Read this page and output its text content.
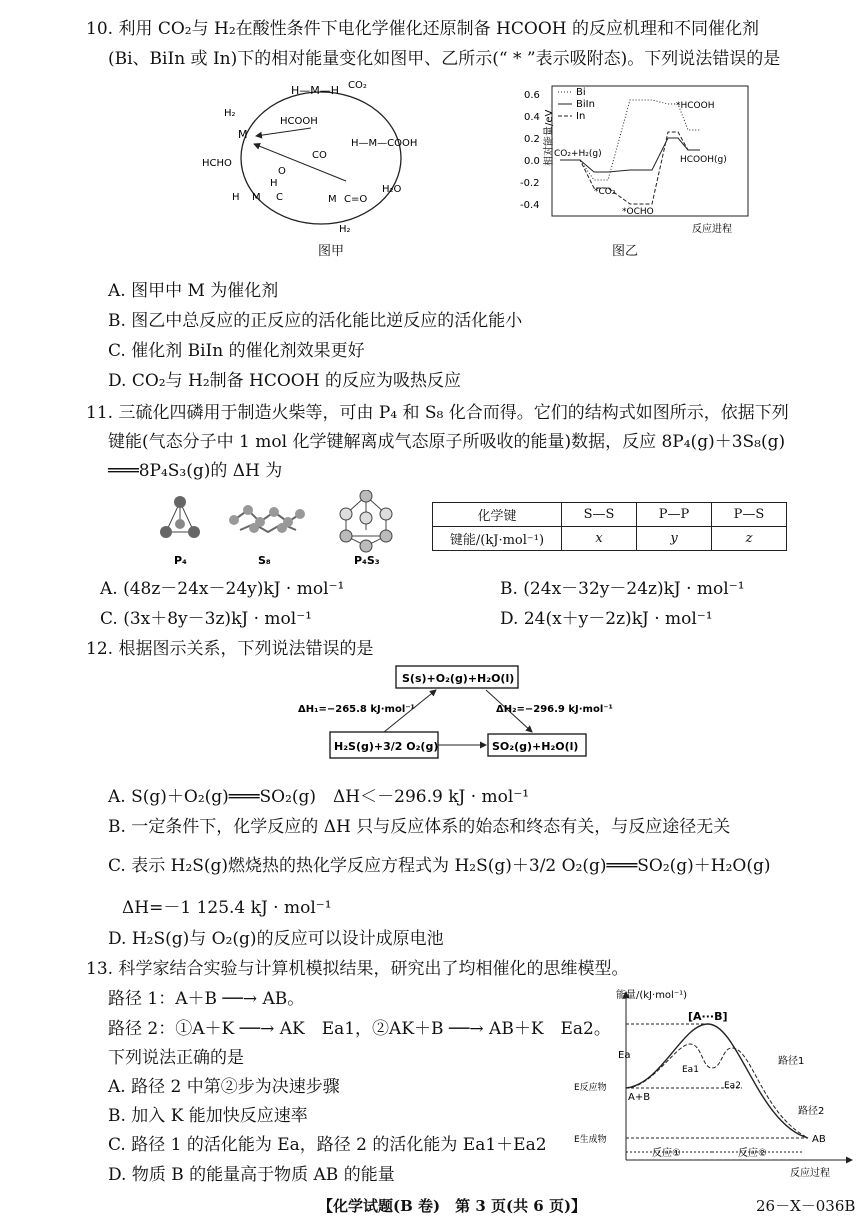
10. 利用 CO₂与 H₂在酸性条件下电化学催化还原制备 HCOOH 的反应机理和不同催化剂
(Bi、BiIn 或 In)下的相对能量变化如图甲、乙所示(“ * ”表示吸附态)。下列说法错误的是
H—M—H CO₂
H₂
M
HCOOH
H—M—COOH
HCHO
CO
O
H M C
H
M C=O
H₂O
H₂
图甲
相对能量/eV
0.6
0.4
0.2
0.0
-0.2
-0.4
Bi
BiIn
In
CO₂+H₂(g)
*CO₂
*OCHO
*HCOOH
HCOOH(g)
反应进程
图乙
A. 图甲中 M 为催化剂
B. 图乙中总反应的正反应的活化能比逆反应的活化能小
C. 催化剂 BiIn 的催化剂效果更好
D. CO₂与 H₂制备 HCOOH 的反应为吸热反应
11. 三硫化四磷用于制造火柴等，可由 P₄ 和 S₈ 化合而得。它们的结构式如图所示，依据下列
键能(气态分子中 1 mol 化学键解离成气态原子所吸收的能量)数据，反应 8P₄(g)＋3S₈(g)
═══8P₄S₃(g)的 ΔH 为
P₄	S₈	P₄S₃
化学键	S—S	P—P	P—S
键能/(kJ·mol⁻¹)	x	y	z
A. (48z－24x－24y)kJ · mol⁻¹	B. (24x－32y－24z)kJ · mol⁻¹
C. (3x＋8y－3z)kJ · mol⁻¹	D. 24(x＋y－2z)kJ · mol⁻¹
12. 根据图示关系，下列说法错误的是
S(s)+O₂(g)+H₂O(l)
H₂S(g)+3/2 O₂(g)	SO₂(g)+H₂O(l)
ΔH₁=−265.8 kJ·mol⁻¹	ΔH₂=−296.9 kJ·mol⁻¹
A. S(g)＋O₂(g)═══SO₂(g)　ΔH＜－296.9 kJ · mol⁻¹
B. 一定条件下，化学反应的 ΔH 只与反应体系的始态和终态有关，与反应途径无关
C. 表示 H₂S(g)燃烧热的热化学反应方程式为 H₂S(g)＋3/2 O₂(g)═══SO₂(g)＋H₂O(g)
ΔH=－1 125.4 kJ · mol⁻¹
D. H₂S(g)与 O₂(g)的反应可以设计成原电池
13. 科学家结合实验与计算机模拟结果，研究出了均相催化的思维模型。
路径 1：A＋B ──→ AB。
路径 2：①A＋K ──→ AK　Ea1，②AK＋B ──→ AB＋K　Ea2。
下列说法正确的是
A. 路径 2 中第②步为决速步骤
B. 加入 K 能加快反应速率
C. 路径 1 的活化能为 Ea，路径 2 的活化能为 Ea1＋Ea2
D. 物质 B 的能量高于物质 AB 的能量
能量/(kJ·mol⁻¹)
反应过程
[A···B]
Ea
Ea1
Ea2
E反应物
E生成物
A+B
AB
路径1
路径2
反应①	反应②
【化学试题(B 卷)　第 3 页(共 6 页)】	26－X－036B
